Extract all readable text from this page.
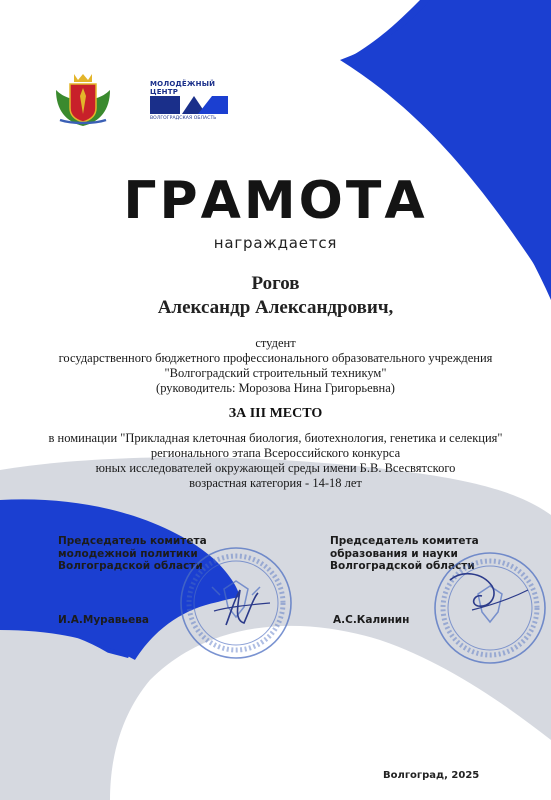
МОЛОДЁЖНЫЙ
ЦЕНТР
ВОЛГОГРАДСКАЯ ОБЛАСТЬ
ГРАМОТА
награждается
Рогов
Александр Александрович,
студент
государственного бюджетного профессионального образовательного учреждения
"Волгоградский строительный техникум"
(руководитель: Морозова Нина Григорьевна)
ЗА III МЕСТО
в номинации "Прикладная клеточная биология, биотехнология, генетика и селекция"
регионального этапа Всероссийского конкурса
юных исследователей окружающей среды имени Б.В. Всесвятского
возрастная категория - 14-18 лет
Председатель комитета
молодежной политики
Волгоградской области
Председатель комитета
образования и науки
Волгоградской области
И.А.Муравьева	А.С.Калинин
Волгоград, 2025
